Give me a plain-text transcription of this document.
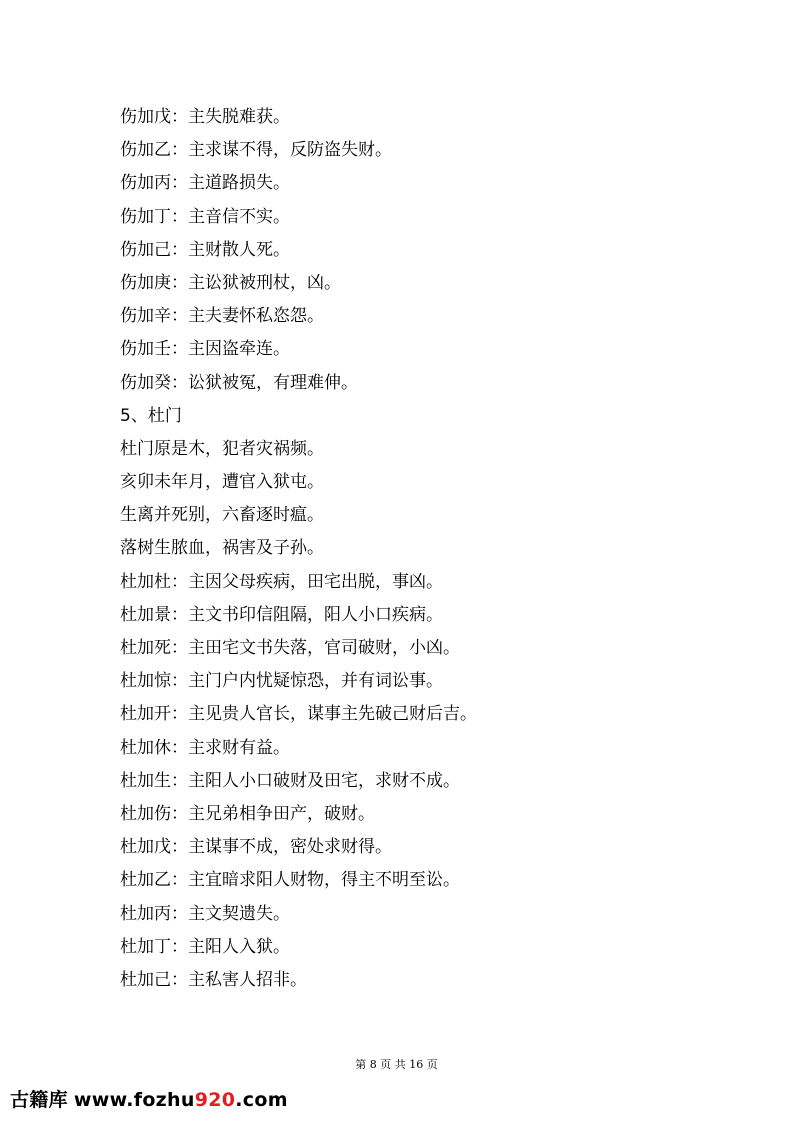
伤加戊：主失脱难获。
伤加乙：主求谋不得，反防盗失财。
伤加丙：主道路损失。
伤加丁：主音信不实。
伤加己：主财散人死。
伤加庚：主讼狱被刑杖，凶。
伤加辛：主夫妻怀私恣怨。
伤加壬：主因盗牵连。
伤加癸：讼狱被冤，有理难伸。
5、杜门
杜门原是木，犯者灾祸频。
亥卯未年月，遭官入狱屯。
生离并死别，六畜逐时瘟。
落树生脓血，祸害及子孙。
杜加杜：主因父母疾病，田宅出脱，事凶。
杜加景：主文书印信阻隔，阳人小口疾病。
杜加死：主田宅文书失落，官司破财，小凶。
杜加惊：主门户内忧疑惊恐，并有词讼事。
杜加开：主见贵人官长，谋事主先破己财后吉。
杜加休：主求财有益。
杜加生：主阳人小口破财及田宅，求财不成。
杜加伤：主兄弟相争田产，破财。
杜加戊：主谋事不成，密处求财得。
杜加乙：主宜暗求阳人财物，得主不明至讼。
杜加丙：主文契遗失。
杜加丁：主阳人入狱。
杜加己：主私害人招非。
第 8 页 共 16 页
古籍库 www.fozhu920.com
